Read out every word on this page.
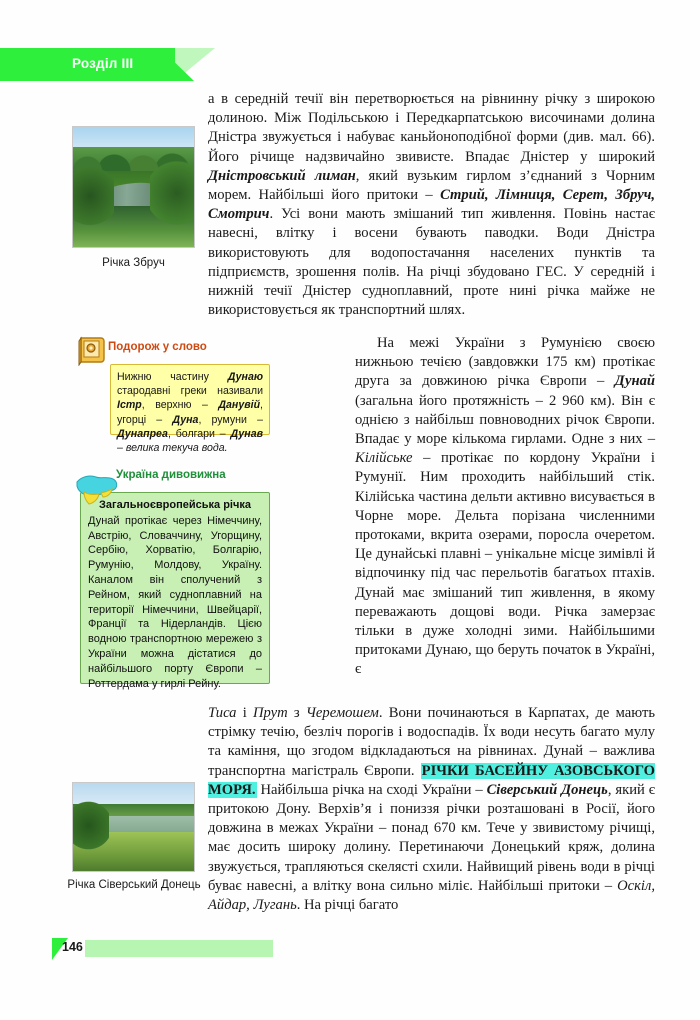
Розділ III
Річка Збруч
Подорож у слово
Нижню частину Дунаю стародавні греки називали Істр, верхню – Данувій, угорці – Дуна, румуни – Дунапреа, болгари – Дунав – велика текуча вода.
Україна дивовижна
Загальноєвропейська річка
Дунай протікає через Німеччину, Австрію, Словаччину, Угорщину, Сербію, Хорватію, Болгарію, Румунію, Молдову, Україну. Каналом він сполучений з Рейном, який судноплавний на території Німеччини, Швейцарії, Франції та Нідерландів. Цією водною транспортною мережею з України можна дістатися до найбільшого порту Європи – Роттердама у гирлі Рейну.
Річка Сіверський Донець

а в середній течії він перетворюється на рівнинну річку з широкою долиною. Між Подільською і Передкарпатською височинами долина Дністра звужується і набуває каньйоноподібної форми (див. мал. 66). Його річище надзвичайно звивисте. Впадає Дністер у широкий Дністровський лиман, який вузьким гирлом з’єднаний з Чорним морем. Найбільші його притоки – Стрий, Лімниця, Серет, Збруч, Смотрич. Усі вони мають змішаний тип живлення. Повінь настає навесні, влітку і восени бувають паводки. Води Дністра використовують для водопостачання населених пунктів та підприємств, зрошення полів. На річці збудовано ГЕС. У середній і нижній течії Дністер судноплавний, проте нині річка майже не використовується як транспортний шлях.

На межі України з Румунією своєю нижньою течією (завдовжки 175 км) протікає друга за довжиною річка Європи – Дунай (загальна його протяжність – 2 960 км). Він є однією з найбільш повноводних річок Європи. Впадає у море кількома гирлами. Одне з них – Кілійське – протікає по кордону України і Румунії. Ним проходить найбільший стік. Кілійська частина дельти активно висувається в Чорне море. Дельта порізана численними протоками, вкрита озерами, поросла очеретом. Це дунайські плавні – унікальне місце зимівлі й відпочинку під час перельотів багатьох птахів. Дунай має змішаний тип живлення, в якому переважають дощові води. Річка замерзає тільки в дуже холодні зими. Найбільшими притоками Дунаю, що беруть початок в Україні, є

Тиса і Прут з Черемошем. Вони починаються в Карпатах, де мають стрімку течію, безліч порогів і водоспадів. Їх води несуть багато мулу та каміння, що згодом відкладаються на рівнинах. Дунай – важлива транспортна магістраль Європи. РІЧКИ БАСЕЙНУ АЗОВСЬКОГО МОРЯ. Найбільша річка на сході України – Сіверський Донець, який є притокою Дону. Верхів’я і пониззя річки розташовані в Росії, його довжина в межах України – понад 670 км. Тече у звивистому річищі, має досить широку долину. Перетинаючи Донецький кряж, долина звужується, трапляються скелясті схили. Найвищий рівень води в річці буває навесні, а влітку вона сильно міліє. Найбільші притоки – Оскіл, Айдар, Лугань. На річці багато

146
